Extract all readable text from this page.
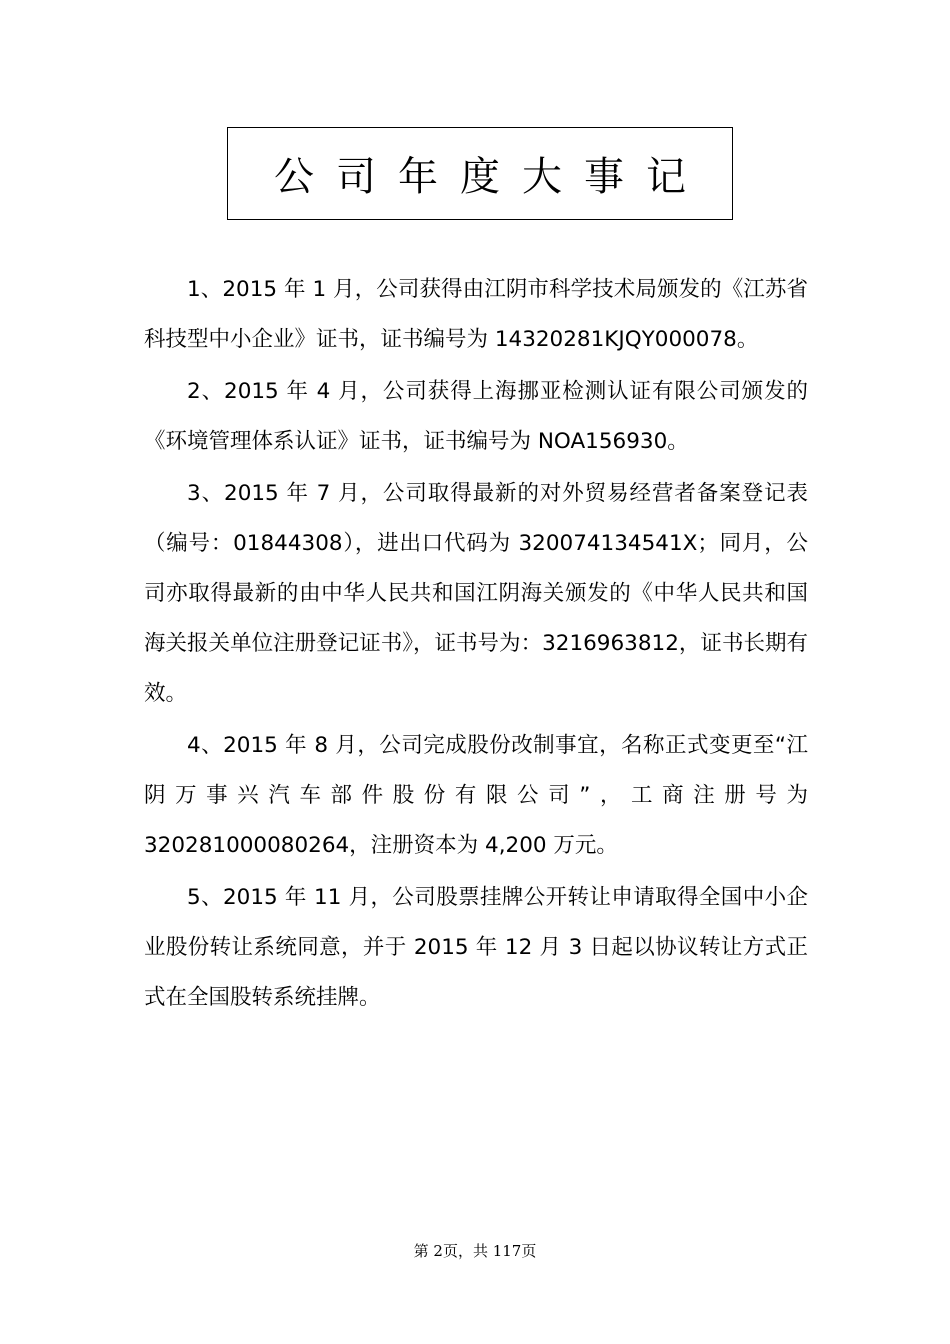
公司年度大事记

1、2015 年 1 月，公司获得由江阴市科学技术局颁发的《江苏省科技型中小企业》证书，证书编号为 14320281KJQY000078。

2、2015 年 4 月，公司获得上海挪亚检测认证有限公司颁发的《环境管理体系认证》证书，证书编号为 NOA156930。

3、2015 年 7 月，公司取得最新的对外贸易经营者备案登记表（编号：01844308），进出口代码为 320074134541X；同月，公司亦取得最新的由中华人民共和国江阴海关颁发的《中华人民共和国海关报关单位注册登记证书》，证书号为：3216963812，证书长期有效。

4、2015 年 8 月，公司完成股份改制事宜，名称正式变更至“江阴万事兴汽车部件股份有限公司”，工商注册号为 320281000080264，注册资本为 4,200 万元。

5、2015 年 11 月，公司股票挂牌公开转让申请取得全国中小企业股份转让系统同意，并于 2015 年 12 月 3 日起以协议转让方式正式在全国股转系统挂牌。

第 2页，共 117页
